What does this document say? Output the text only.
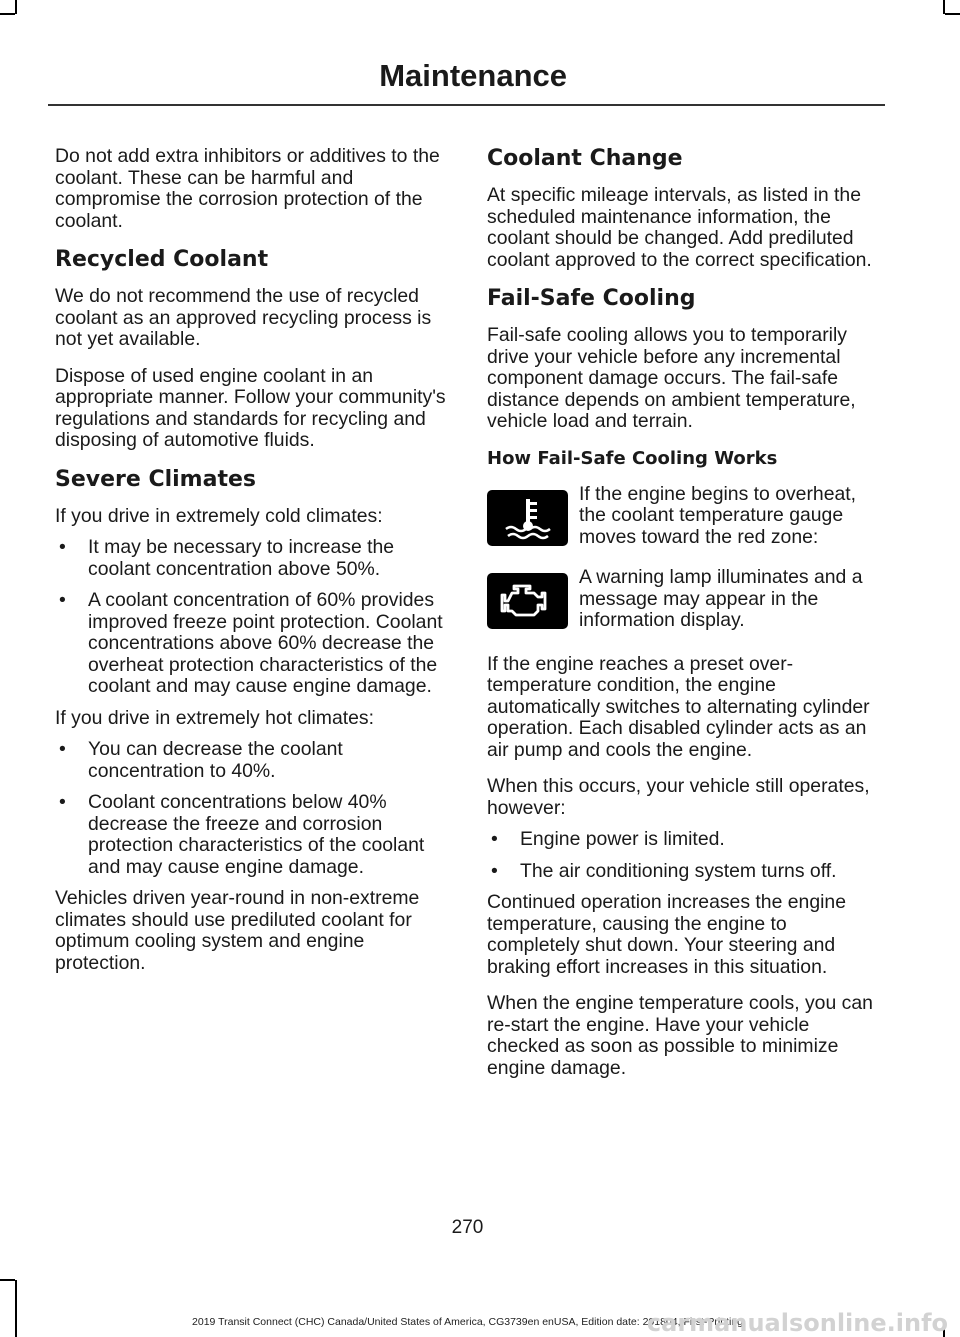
Maintenance

Do not add extra inhibitors or additives to the coolant. These can be harmful and compromise the corrosion protection of the coolant.

Recycled Coolant

We do not recommend the use of recycled coolant as an approved recycling process is not yet available.

Dispose of used engine coolant in an appropriate manner. Follow your community's regulations and standards for recycling and disposing of automotive fluids.

Severe Climates

If you drive in extremely cold climates:

• It may be necessary to increase the coolant concentration above 50%.
• A coolant concentration of 60% provides improved freeze point protection. Coolant concentrations above 60% decrease the overheat protection characteristics of the coolant and may cause engine damage.

If you drive in extremely hot climates:

• You can decrease the coolant concentration to 40%.
• Coolant concentrations below 40% decrease the freeze and corrosion protection characteristics of the coolant and may cause engine damage.

Vehicles driven year-round in non-extreme climates should use prediluted coolant for optimum cooling system and engine protection.

Coolant Change

At specific mileage intervals, as listed in the scheduled maintenance information, the coolant should be changed. Add prediluted coolant approved to the correct specification.

Fail-Safe Cooling

Fail-safe cooling allows you to temporarily drive your vehicle before any incremental component damage occurs. The fail-safe distance depends on ambient temperature, vehicle load and terrain.

How Fail-Safe Cooling Works

If the engine begins to overheat, the coolant temperature gauge moves toward the red zone:

A warning lamp illuminates and a message may appear in the information display.

If the engine reaches a preset over-temperature condition, the engine automatically switches to alternating cylinder operation. Each disabled cylinder acts as an air pump and cools the engine.

When this occurs, your vehicle still operates, however:

• Engine power is limited.
• The air conditioning system turns off.

Continued operation increases the engine temperature, causing the engine to completely shut down. Your steering and braking effort increases in this situation.

When the engine temperature cools, you can re-start the engine. Have your vehicle checked as soon as possible to minimize engine damage.

270
2019 Transit Connect (CHC) Canada/United States of America, CG3739en enUSA, Edition date: 201804, First-Printing
carmanualsonline.info
